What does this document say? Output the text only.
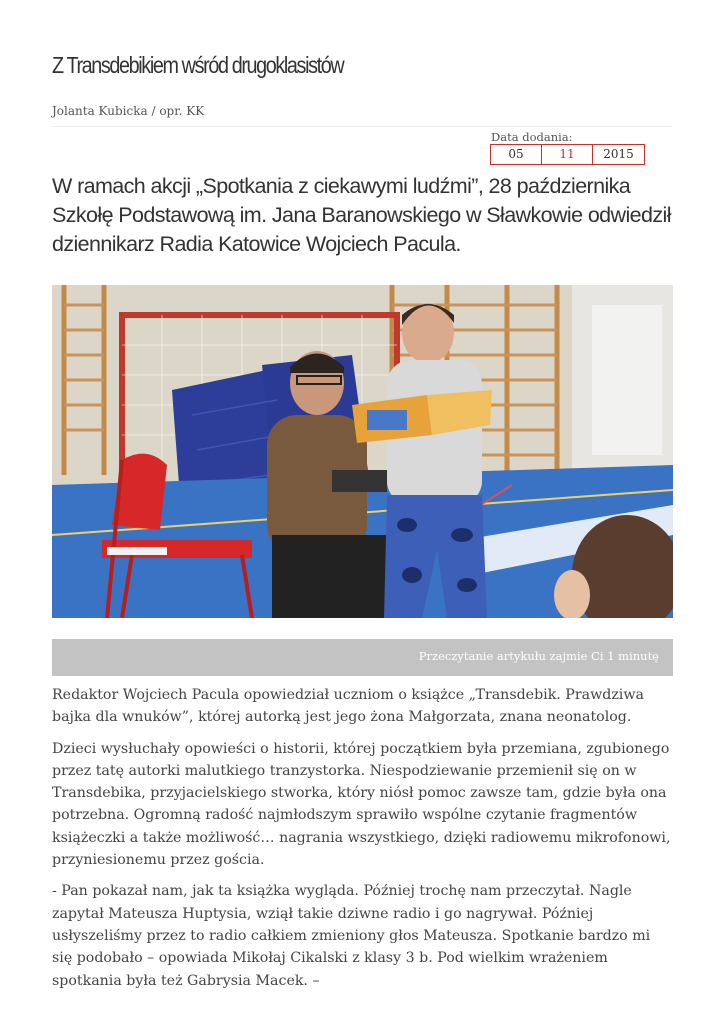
Z Transdebikiem wśród drugoklasistów
Jolanta Kubicka / opr. KK
Data dodania:
05	11	2015
W ramach akcji „Spotkania z ciekawymi ludźmi”, 28 października Szkołę Podstawową im. Jana Baranowskiego w Sławkowie odwiedził dziennikarz Radia Katowice Wojciech Pacula.
Przeczytanie artykułu zajmie Ci 1 minutę

Redaktor Wojciech Pacula opowiedział uczniom o książce „Transdebik. Prawdziwa bajka dla wnuków”, której autorką jest jego żona Małgorzata, znana neonatolog.

Dzieci wysłuchały opowieści o historii, której początkiem była przemiana, zgubionego przez tatę autorki malutkiego tranzystorka. Niespodziewanie przemienił się on w Transdebika, przyjacielskiego stworka, który niósł pomoc zawsze tam, gdzie była ona potrzebna. Ogromną radość najmłodszym sprawiło wspólne czytanie fragmentów książeczki a także możliwość… nagrania wszystkiego, dzięki radiowemu mikrofonowi, przyniesionemu przez gościa.

- Pan pokazał nam, jak ta książka wygląda. Później trochę nam przeczytał. Nagle zapytał Mateusza Huptysia, wziął takie dziwne radio i go nagrywał. Później usłyszeliśmy przez to radio całkiem zmieniony głos Mateusza. Spotkanie bardzo mi się podobało – opowiada Mikołaj Cikalski z klasy 3 b. Pod wielkim wrażeniem spotkania była też Gabrysia Macek. –
